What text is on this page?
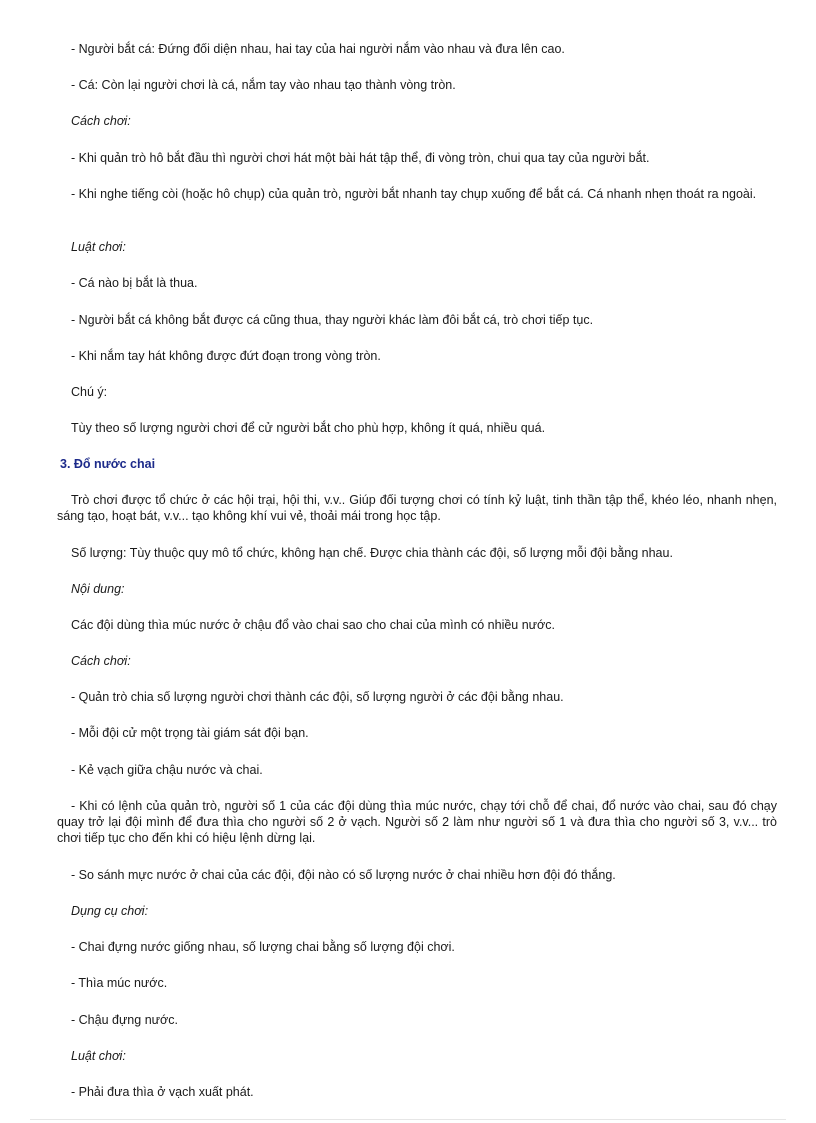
- Người bắt cá: Đứng đối diện nhau, hai tay của hai người nắm vào nhau và đưa lên cao.
- Cá: Còn lại người chơi là cá, nắm tay vào nhau tạo thành vòng tròn.
Cách chơi:
- Khi quản trò hô bắt đầu thì người chơi hát một bài hát tập thể, đi vòng tròn, chui qua tay của người bắt.
- Khi nghe tiếng còi (hoặc hô chụp) của quản trò, người bắt nhanh tay chụp xuống để bắt cá. Cá nhanh nhẹn thoát ra ngoài.
Luật chơi:
- Cá nào bị bắt là thua.
- Người bắt cá không bắt được cá cũng thua, thay người khác làm đôi bắt cá, trò chơi tiếp tục.
- Khi nắm tay hát không được đứt đoạn trong vòng tròn.
Chú ý:
Tùy theo số lượng người chơi để cử người bắt cho phù hợp, không ít quá, nhiều quá.
3. Đổ nước chai
Trò chơi được tổ chức ở các hội trại, hội thi, v.v.. Giúp đối tượng chơi có tính kỷ luật, tinh thần tập thể, khéo léo, nhanh nhẹn, sáng tạo, hoạt bát, v.v... tạo không khí vui vẻ, thoải mái trong học tập.
Số lượng: Tùy thuộc quy mô tổ chức, không hạn chế. Được chia thành các đội, số lượng mỗi đội bằng nhau.
Nội dung:
Các đội dùng thìa múc nước ở chậu đổ vào chai sao cho chai của mình có nhiều nước.
Cách chơi:
- Quản trò chia số lượng người chơi thành các đội, số lượng người ở các đội bằng nhau.
- Mỗi đội cử một trọng tài giám sát đội bạn.
- Kẻ vạch giữa chậu nước và chai.
- Khi có lệnh của quản trò, người số 1 của các đội dùng thìa múc nước, chạy tới chỗ để chai, đổ nước vào chai, sau đó chạy quay trở lại đội mình để đưa thìa cho người số 2 ở vạch. Người số 2 làm như người số 1 và đưa thìa cho người số 3, v.v... trò chơi tiếp tục cho đến khi có hiệu lệnh dừng lại.
- So sánh mực nước ở chai của các đội, đội nào có số lượng nước ở chai nhiều hơn đội đó thắng.
Dụng cụ chơi:
- Chai đựng nước giống nhau, số lượng chai bằng số lượng đội chơi.
- Thìa múc nước.
- Chậu đựng nước.
Luật chơi:
- Phải đưa thìa ở vạch xuất phát.
